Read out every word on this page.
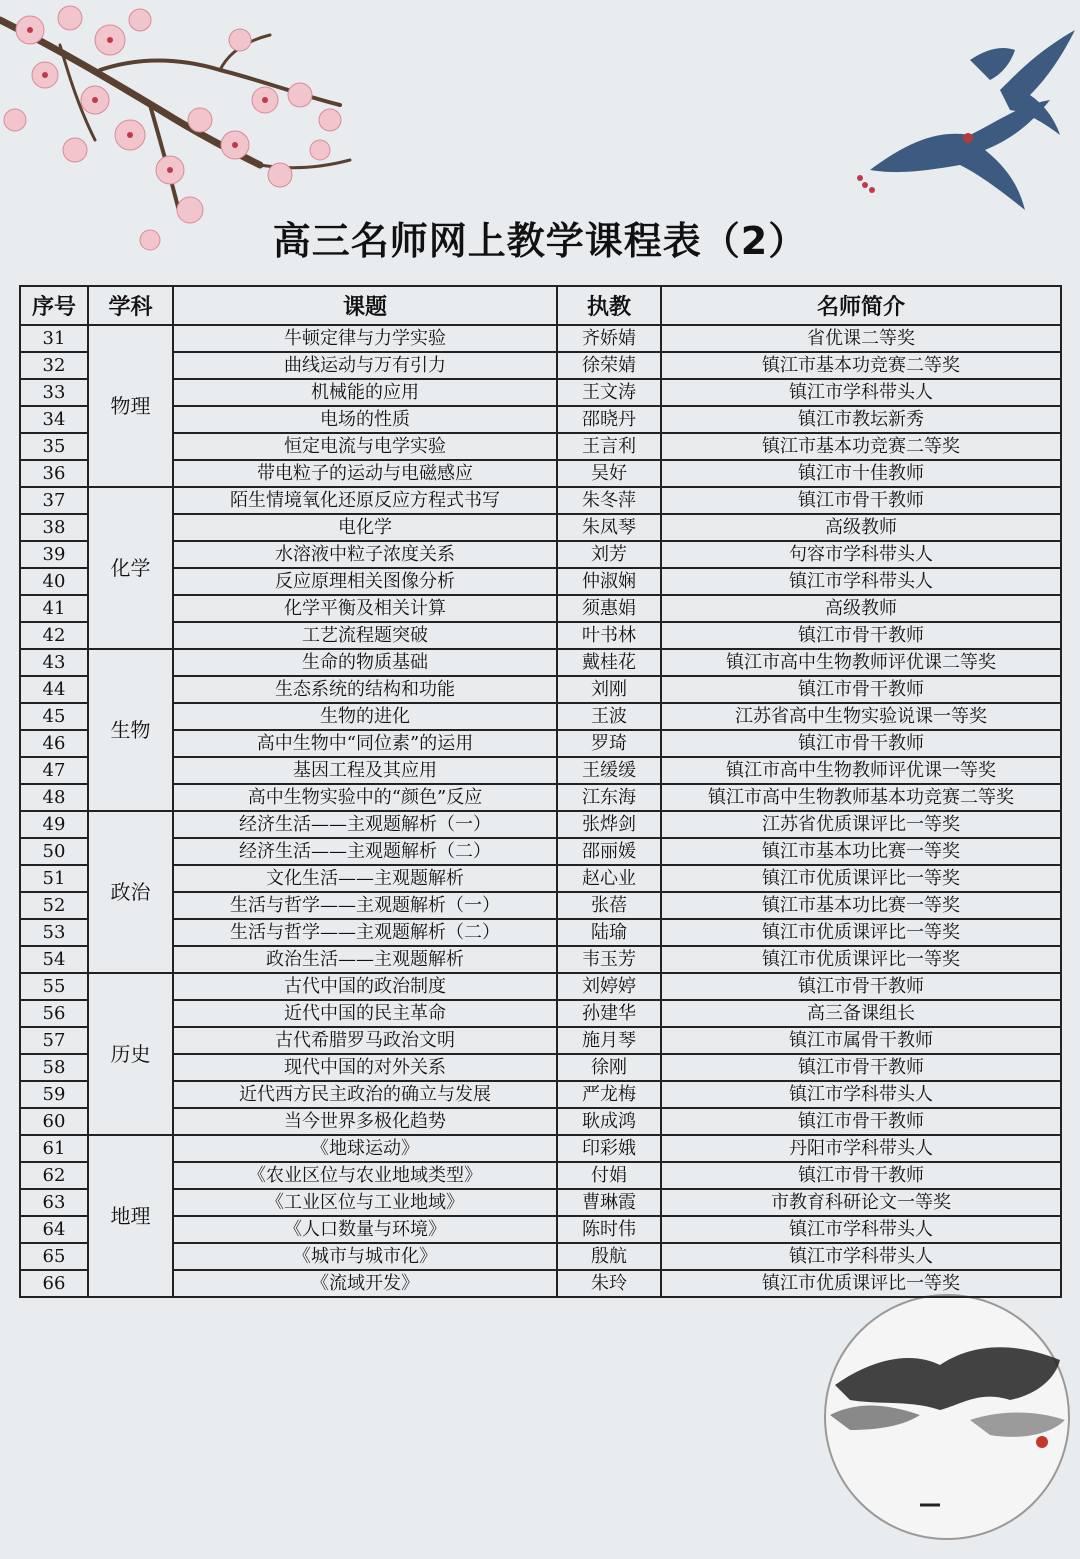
高三名师网上教学课程表（2）
序号	学科	课题	执教	名师简介
31	物理	牛顿定律与力学实验	齐娇婧	省优课二等奖
32		曲线运动与万有引力	徐荣婧	镇江市基本功竞赛二等奖
33		机械能的应用	王文涛	镇江市学科带头人
34		电场的性质	邵晓丹	镇江市教坛新秀
35		恒定电流与电学实验	王言利	镇江市基本功竞赛二等奖
36		带电粒子的运动与电磁感应	吴好	镇江市十佳教师
37	化学	陌生情境氧化还原反应方程式书写	朱冬萍	镇江市骨干教师
38		电化学	朱凤琴	高级教师
39		水溶液中粒子浓度关系	刘芳	句容市学科带头人
40		反应原理相关图像分析	仲淑娴	镇江市学科带头人
41		化学平衡及相关计算	须惠娟	高级教师
42		工艺流程题突破	叶书林	镇江市骨干教师
43	生物	生命的物质基础	戴桂花	镇江市高中生物教师评优课二等奖
44		生态系统的结构和功能	刘刚	镇江市骨干教师
45		生物的进化	王波	江苏省高中生物实验说课一等奖
46		高中生物中“同位素”的运用	罗琦	镇江市骨干教师
47		基因工程及其应用	王缓缓	镇江市高中生物教师评优课一等奖
48		高中生物实验中的“颜色”反应	江东海	镇江市高中生物教师基本功竞赛二等奖
49	政治	经济生活——主观题解析（一）	张烨剑	江苏省优质课评比一等奖
50		经济生活——主观题解析（二）	邵丽媛	镇江市基本功比赛一等奖
51		文化生活——主观题解析	赵心业	镇江市优质课评比一等奖
52		生活与哲学——主观题解析（一）	张蓓	镇江市基本功比赛一等奖
53		生活与哲学——主观题解析（二）	陆瑜	镇江市优质课评比一等奖
54		政治生活——主观题解析	韦玉芳	镇江市优质课评比一等奖
55	历史	古代中国的政治制度	刘婷婷	镇江市骨干教师
56		近代中国的民主革命	孙建华	高三备课组长
57		古代希腊罗马政治文明	施月琴	镇江市属骨干教师
58		现代中国的对外关系	徐刚	镇江市骨干教师
59		近代西方民主政治的确立与发展	严龙梅	镇江市学科带头人
60		当今世界多极化趋势	耿成鸿	镇江市骨干教师
61	地理	《地球运动》	印彩娥	丹阳市学科带头人
62		《农业区位与农业地域类型》	付娟	镇江市骨干教师
63		《工业区位与工业地域》	曹琳霞	市教育科研论文一等奖
64		《人口数量与环境》	陈时伟	镇江市学科带头人
65		《城市与城市化》	殷航	镇江市学科带头人
66		《流域开发》	朱玲	镇江市优质课评比一等奖
